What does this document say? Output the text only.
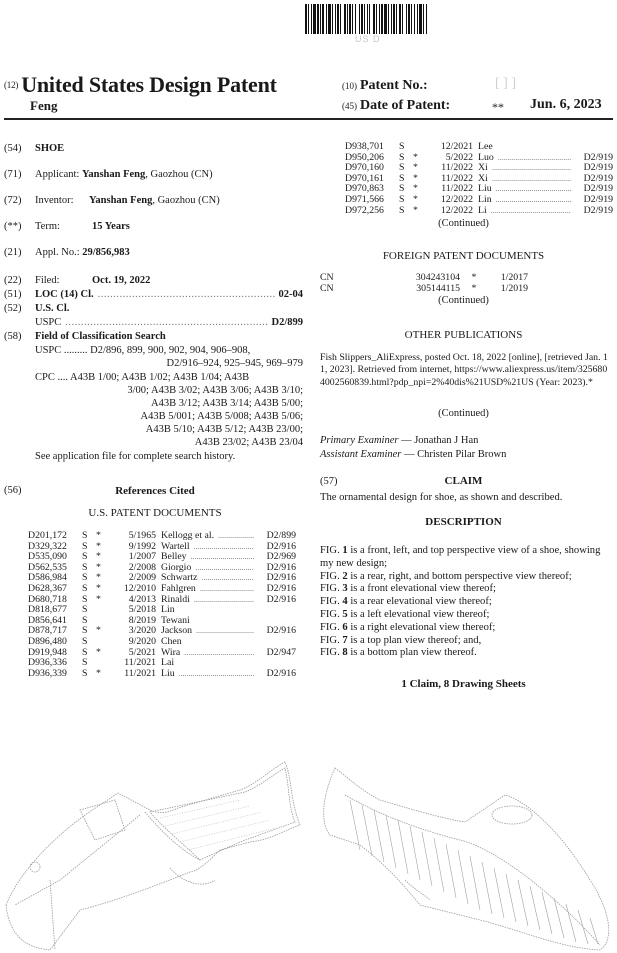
US D
(12) United States Design Patent
Feng
(10) Patent No.:	[ ] ]
(45) Date of Patent:	** Jun. 6, 2023
(54)	SHOE
(71)	Applicant: Yanshan Feng, Gaozhou (CN)
(72)	Inventor: Yanshan Feng, Gaozhou (CN)
(**)	Term:	15 Years
(21)	Appl. No.: 29/856,983
(22)	Filed:	Oct. 19, 2022
(51)	LOC (14) Cl. .....	02-04
(52)	U.S. Cl.
USPC .....	D2/899
(58)	Field of Classification Search
USPC ......... D2/896, 899, 900, 902, 904, 906–908,
D2/916–924, 925–945, 969–979
CPC .... A43B 1/00; A43B 1/02; A43B 1/04; A43B
3/00; A43B 3/02; A43B 3/06; A43B 3/10;
A43B 3/12; A43B 3/14; A43B 5/00;
A43B 5/001; A43B 5/008; A43B 5/06;
A43B 5/10; A43B 5/12; A43B 23/00;
A43B 23/02; A43B 23/04
See application file for complete search history.
(56)	References Cited
U.S. PATENT DOCUMENTS
D201,172	S *	5/1965 Kellogg et al. .....	D2/899
D329,322	S *	9/1992 Wartell .....	D2/916
D535,090	S *	1/2007 Belley .....	D2/969
D562,535	S *	2/2008 Giorgio .....	D2/916
D586,984	S *	2/2009 Schwartz .....	D2/916
D628,367	S *	12/2010 Fahlgren .....	D2/916
D680,718	S *	4/2013 Rinaldi .....	D2/916
D818,677	S	5/2018 Lin
D856,641	S	8/2019 Tewani
D878,717	S *	3/2020 Jackson .....	D2/916
D896,480	S	9/2020 Chen
D919,948	S *	5/2021 Wira .....	D2/947
D936,336	S	11/2021 Lai
D936,339	S *	11/2021 Liu .....	D2/916
D938,701	S	12/2021 Lee
D950,206	S *	5/2022 Luo .....	D2/919
D970,160	S *	11/2022 Xi .....	D2/919
D970,161	S *	11/2022 Xi .....	D2/919
D970,863	S *	11/2022 Liu .....	D2/919
D971,566	S *	12/2022 Lin .....	D2/919
D972,256	S *	12/2022 Li .....	D2/919
(Continued)
FOREIGN PATENT DOCUMENTS
CN	304243104	*	1/2017
CN	305144115	*	1/2019
(Continued)
OTHER PUBLICATIONS
Fish Slippers_AliExpress, posted Oct. 18, 2022 [online], [retrieved Jan. 11, 2023]. Retrieved from internet, https://www.aliexpress.us/item/3256804002560839.html?pdp_npi=2%40dis%21USD%21US (Year: 2023).*
(Continued)
Primary Examiner — Jonathan J Han
Assistant Examiner — Christen Pilar Brown
(57)	CLAIM
The ornamental design for shoe, as shown and described.
DESCRIPTION
FIG. 1 is a front, left, and top perspective view of a shoe, showing my new design;
FIG. 2 is a rear, right, and bottom perspective view thereof;
FIG. 3 is a front elevational view thereof;
FIG. 4 is a rear elevational view thereof;
FIG. 5 is a left elevational view thereof;
FIG. 6 is a right elevational view thereof;
FIG. 7 is a top plan view thereof; and,
FIG. 8 is a bottom plan view thereof.
1 Claim, 8 Drawing Sheets
